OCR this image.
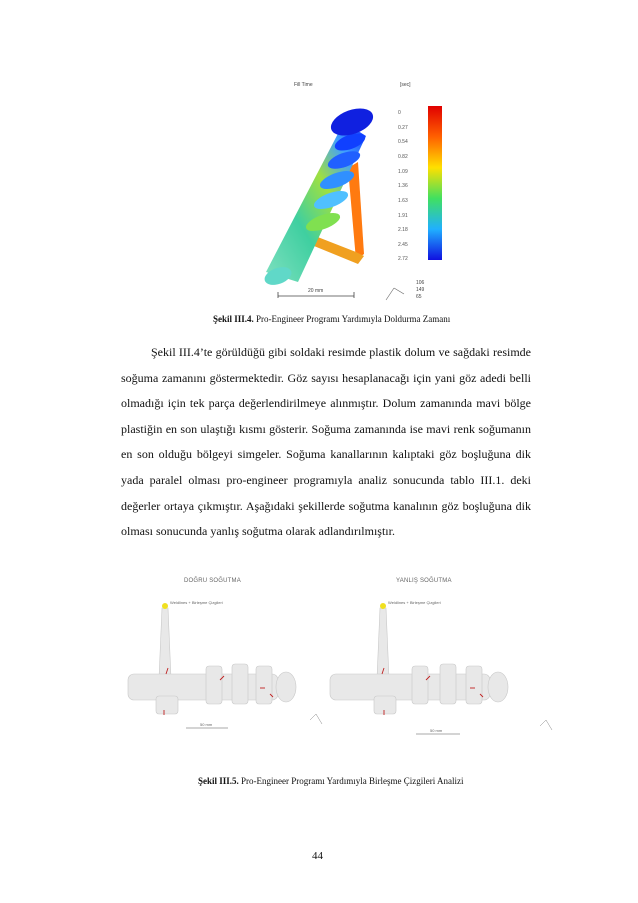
Fill Time	[sec]
0
0.27
0.54
0.82
1.09
1.36
1.63
1.91
2.18
2.45
2.72
20 mm
106
149
65
Şekil III.4. Pro-Engineer Programı Yardımıyla Doldurma Zamanı
Şekil III.4’te görüldüğü gibi soldaki resimde plastik dolum ve sağdaki resimde soğuma zamanını göstermektedir. Göz sayısı hesaplanacağı için yani göz adedi belli olmadığı için tek parça değerlendirilmeye alınmıştır. Dolum zamanında mavi bölge plastiğin en son ulaştığı kısmı gösterir. Soğuma zamanında ise mavi renk soğumanın en son olduğu bölgeyi simgeler. Soğuma kanallarının kalıptaki göz boşluğuna dik yada paralel olması pro-engineer programıyla analiz sonucunda tablo III.1. deki değerler ortaya çıkmıştır. Aşağıdaki şekillerde soğutma kanalının göz boşluğuna dik olması sonucunda yanlış soğutma olarak adlandırılmıştır.
DOĞRU SOĞUTMA	YANLIŞ SOĞUTMA
Weldlines + Birleşme Çizgileri	Weldlines + Birleşme Çizgileri
50 mm
50 mm
Şekil III.5. Pro-Engineer Programı Yardımıyla Birleşme Çizgileri Analizi
44
